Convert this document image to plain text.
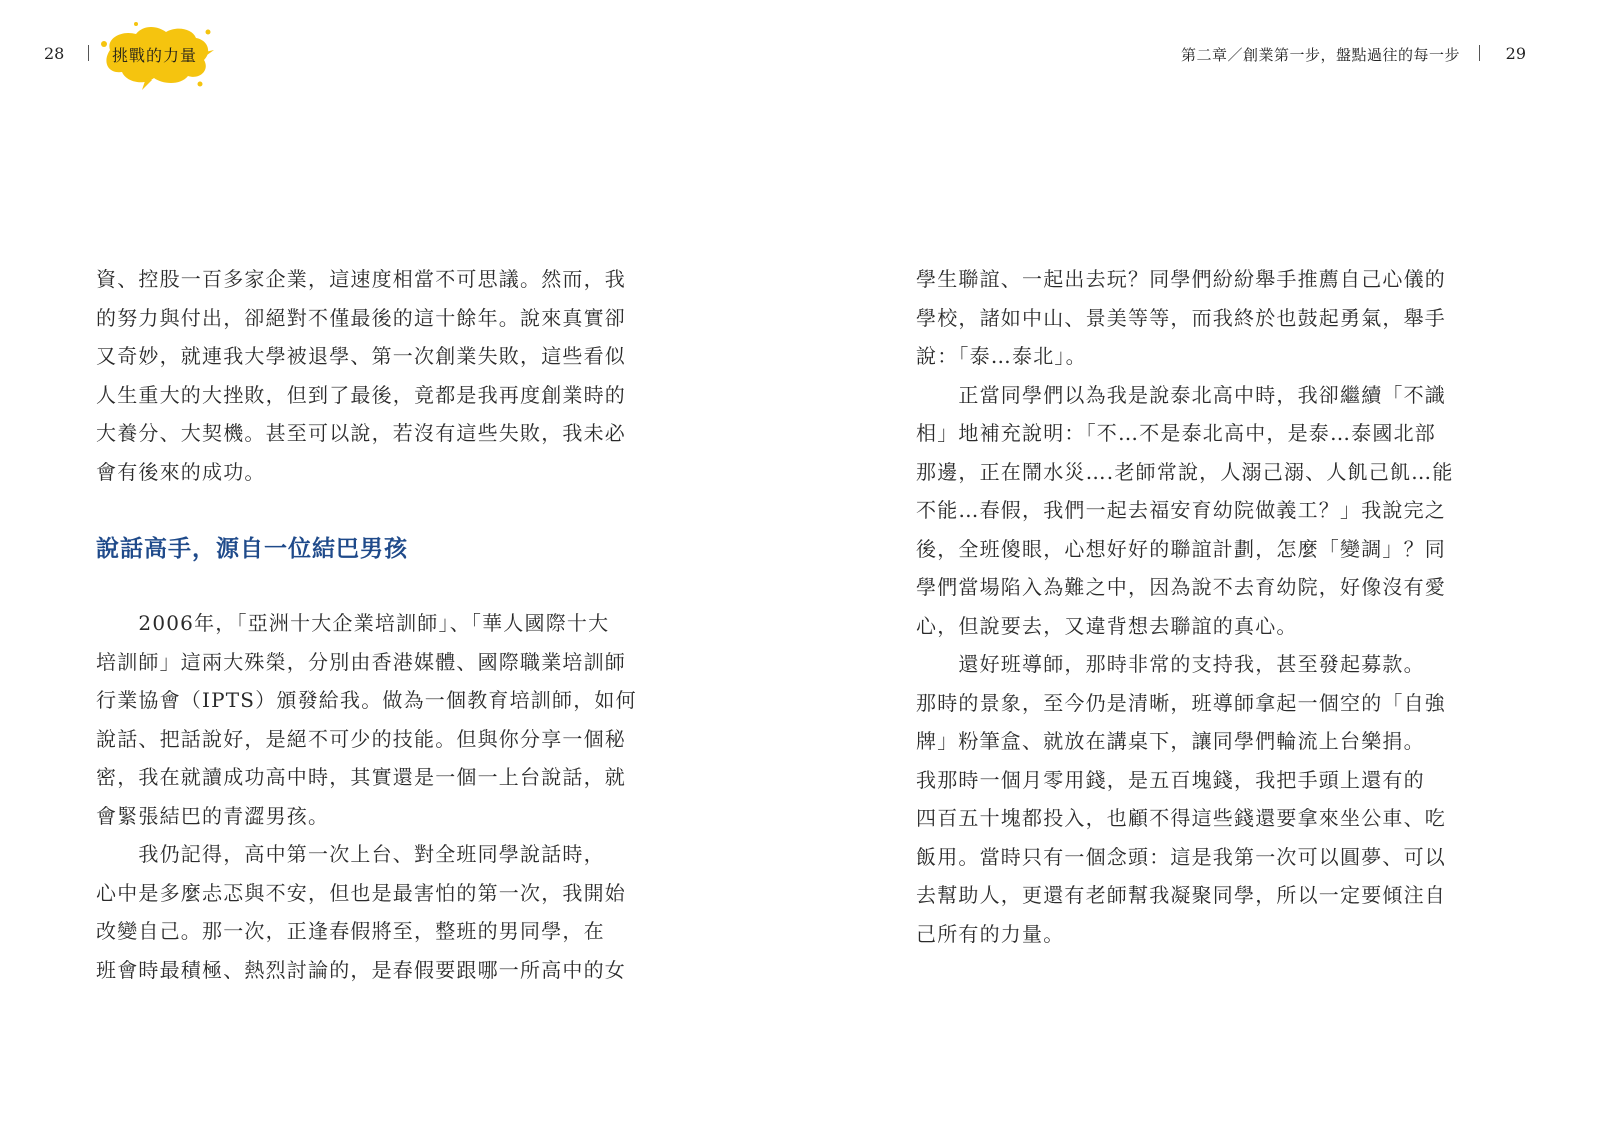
28	挑戰的力量
資、控股一百多家企業，這速度相當不可思議。然而，我
的努力與付出，卻絕對不僅最後的這十餘年。說來真實卻
又奇妙，就連我大學被退學、第一次創業失敗，這些看似
人生重大的大挫敗，但到了最後，竟都是我再度創業時的
大養分、大契機。甚至可以說，若沒有這些失敗，我未必
會有後來的成功。
說話高手，源自一位結巴男孩
　　2006年，「亞洲十大企業培訓師」、「華人國際十大
培訓師」這兩大殊榮，分別由香港媒體、國際職業培訓師
行業協會（IPTS）頒發給我。做為一個教育培訓師，如何
說話、把話說好，是絕不可少的技能。但與你分享一個秘
密，我在就讀成功高中時，其實還是一個一上台說話，就
會緊張結巴的青澀男孩。
　　我仍記得，高中第一次上台、對全班同學說話時，
心中是多麼忐忑與不安，但也是最害怕的第一次，我開始
改變自己。那一次，正逢春假將至，整班的男同學，在
班會時最積極、熱烈討論的，是春假要跟哪一所高中的女
第二章／創業第一步，盤點過往的每一步	29
學生聯誼、一起出去玩？同學們紛紛舉手推薦自己心儀的
學校，諸如中山、景美等等，而我終於也鼓起勇氣，舉手
說：「泰…泰北」。
　　正當同學們以為我是說泰北高中時，我卻繼續「不識
相」地補充說明：「不…不是泰北高中，是泰…泰國北部
那邊，正在鬧水災….老師常說，人溺己溺、人飢己飢…能
不能…春假，我們一起去福安育幼院做義工？」我說完之
後，全班傻眼，心想好好的聯誼計劃，怎麼「變調」？同
學們當場陷入為難之中，因為說不去育幼院，好像沒有愛
心，但說要去，又違背想去聯誼的真心。
　　還好班導師，那時非常的支持我，甚至發起募款。
那時的景象，至今仍是清晰，班導師拿起一個空的「自強
牌」粉筆盒、就放在講桌下，讓同學們輪流上台樂捐。
我那時一個月零用錢，是五百塊錢，我把手頭上還有的
四百五十塊都投入，也顧不得這些錢還要拿來坐公車、吃
飯用。當時只有一個念頭：這是我第一次可以圓夢、可以
去幫助人，更還有老師幫我凝聚同學，所以一定要傾注自
己所有的力量。
